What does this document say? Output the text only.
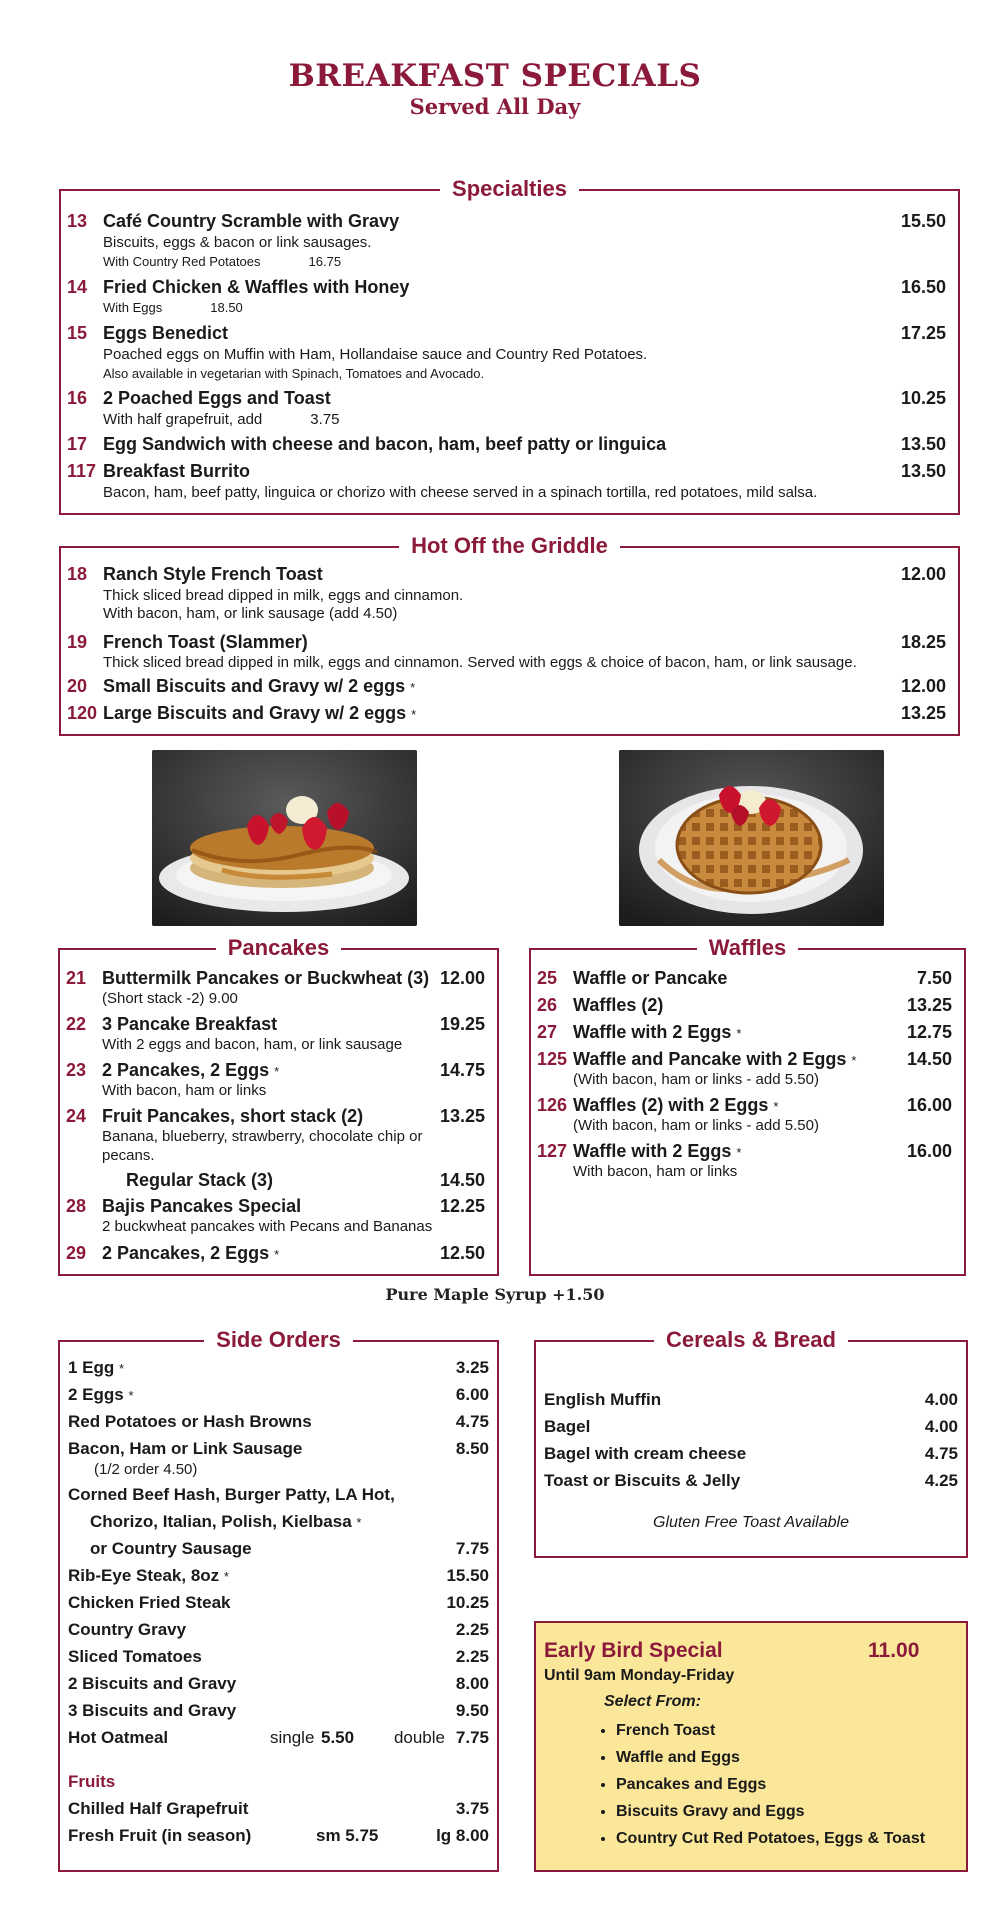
BREAKFAST SPECIALS
Served All Day
Specialties
13 Café Country Scramble with Gravy	15.50
Biscuits, eggs & bacon or link sausages.
With Country Red Potatoes	16.75
14 Fried Chicken & Waffles with Honey	16.50
With Eggs	18.50
15 Eggs Benedict	17.25
Poached eggs on Muffin with Ham, Hollandaise sauce and Country Red Potatoes.
Also available in vegetarian with Spinach, Tomatoes and Avocado.
16 2 Poached Eggs and Toast	10.25
With half grapefruit, add	3.75
17 Egg Sandwich with cheese and bacon, ham, beef patty or linguica	13.50
117 Breakfast Burrito	13.50
Bacon, ham, beef patty, linguica or chorizo with cheese served in a spinach tortilla, red potatoes, mild salsa.
Hot Off the Griddle
18 Ranch Style French Toast	12.00
Thick sliced bread dipped in milk, eggs and cinnamon.
With bacon, ham, or link sausage (add 4.50)
19 French Toast (Slammer)	18.25
Thick sliced bread dipped in milk, eggs and cinnamon. Served with eggs & choice of bacon, ham, or link sausage.
20 Small Biscuits and Gravy w/ 2 eggs *	12.00
120 Large Biscuits and Gravy w/ 2 eggs *	13.25
Pancakes
21 Buttermilk Pancakes or Buckwheat (3) 12.00
(Short stack -2) 9.00
22 3 Pancake Breakfast	19.25
With 2 eggs and bacon, ham, or link sausage
23 2 Pancakes, 2 Eggs *	14.75
With bacon, ham or links
24 Fruit Pancakes, short stack (2)	13.25
Banana, blueberry, strawberry, chocolate chip or
pecans.
Regular Stack (3)	14.50
28 Bajis Pancakes Special	12.25
2 buckwheat pancakes with Pecans and Bananas
29 2 Pancakes, 2 Eggs *	12.50
Waffles
25 Waffle or Pancake	7.50
26 Waffles (2)	13.25
27 Waffle with 2 Eggs *	12.75
125 Waffle and Pancake with 2 Eggs *	14.50
(With bacon, ham or links - add 5.50)
126 Waffles (2) with 2 Eggs *	16.00
(With bacon, ham or links - add 5.50)
127 Waffle with 2 Eggs *	16.00
With bacon, ham or links
Pure Maple Syrup +1.50
Side Orders
1 Egg *	3.25
2 Eggs *	6.00
Red Potatoes or Hash Browns	4.75
Bacon, Ham or Link Sausage	8.50
(1/2 order 4.50)
Corned Beef Hash, Burger Patty, LA Hot,
Chorizo, Italian, Polish, Kielbasa *
or Country Sausage	7.75
Rib-Eye Steak, 8oz *	15.50
Chicken Fried Steak	10.25
Country Gravy	2.25
Sliced Tomatoes	2.25
2 Biscuits and Gravy	8.00
3 Biscuits and Gravy	9.50
Hot Oatmeal	single 5.50 double 7.75
Fruits
Chilled Half Grapefruit	3.75
Fresh Fruit (in season)	sm 5.75	lg 8.00
Cereals & Bread
English Muffin	4.00
Bagel	4.00
Bagel with cream cheese	4.75
Toast or Biscuits & Jelly	4.25
Gluten Free Toast Available
Early Bird Special	11.00
Until 9am Monday-Friday
Select From:
• French Toast
• Waffle and Eggs
• Pancakes and Eggs
• Biscuits Gravy and Eggs
• Country Cut Red Potatoes, Eggs & Toast
